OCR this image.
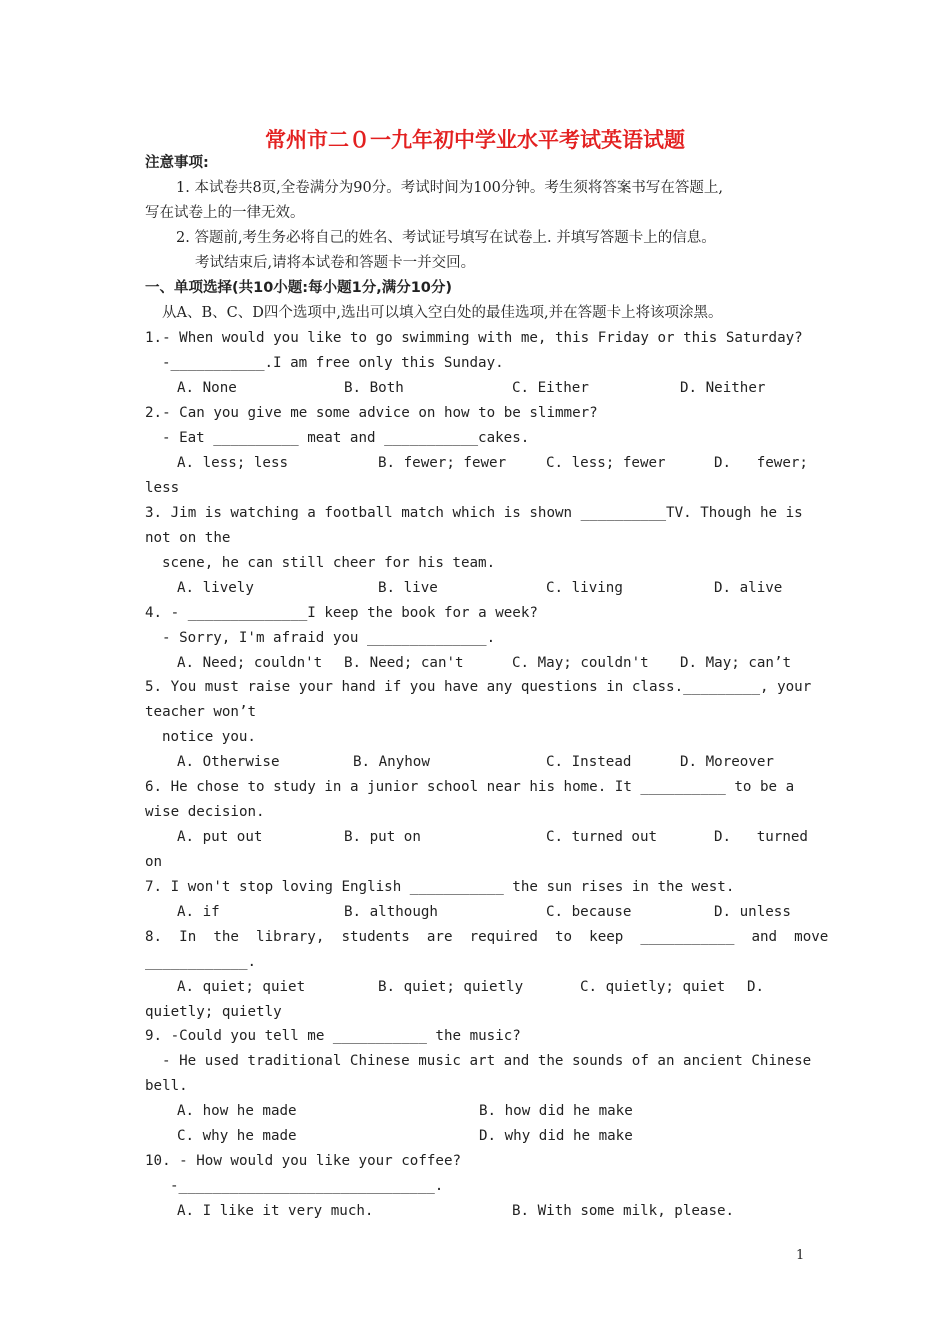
常州市二０一九年初中学业水平考试英语试题
注意事项:
1. 本试卷共8页,全卷满分为90分。考试时间为100分钟。考生须将答案书写在答题上,
写在试卷上的一律无效。
2. 答题前,考生务必将自己的姓名、考试证号填写在试卷上. 并填写答题卡上的信息。
考试结束后,请将本试卷和答题卡一并交回。
一、单项选择(共10小题:每小题1分,满分10分)
从A、B、C、D四个选项中,选出可以填入空白处的最佳选项,并在答题卡上将该项涂黑。
1.- When would you like to go swimming with me, this Friday or this Saturday?
-___________.I am free only this Sunday.
A. None	B. Both	C. Either	D. Neither
2.- Can you give me some advice on how to be slimmer?
- Eat __________ meat and ___________cakes.
A. less; less	B. fewer; fewer	C. less; fewer	D.   fewer;
less
3. Jim is watching a football match which is shown __________TV. Though he is
not on the
scene, he can still cheer for his team.
A. lively	B. live	C. living	D. alive
4. - ______________I keep the book for a week?
- Sorry, I'm afraid you ______________.
A. Need; couldn't B. Need; can't	C. May; couldn't D. May; can’t
5. You must raise your hand if you have any questions in class._________, your
teacher won’t
notice you.
A. Otherwise	B. Anyhow	C. Instead	D. Moreover
6. He chose to study in a junior school near his home. It __________ to be a
wise decision.
A. put out	B. put on	C. turned out	D.   turned
on
7. I won't stop loving English ___________ the sun rises in the west.
A. if	B. although	C. because	D. unless
8.  In  the  library,  students  are  required  to  keep  ___________  and  move
____________.
A. quiet; quiet	B. quiet; quietly	C. quietly; quiet D.
quietly; quietly
9. -Could you tell me ___________ the music?
- He used traditional Chinese music art and the sounds of an ancient Chinese
bell.
A. how he made	B. how did he make
C. why he made	D. why did he make
10. - How would you like your coffee?
-______________________________.
A. I like it very much.	B. With some milk, please.
1
